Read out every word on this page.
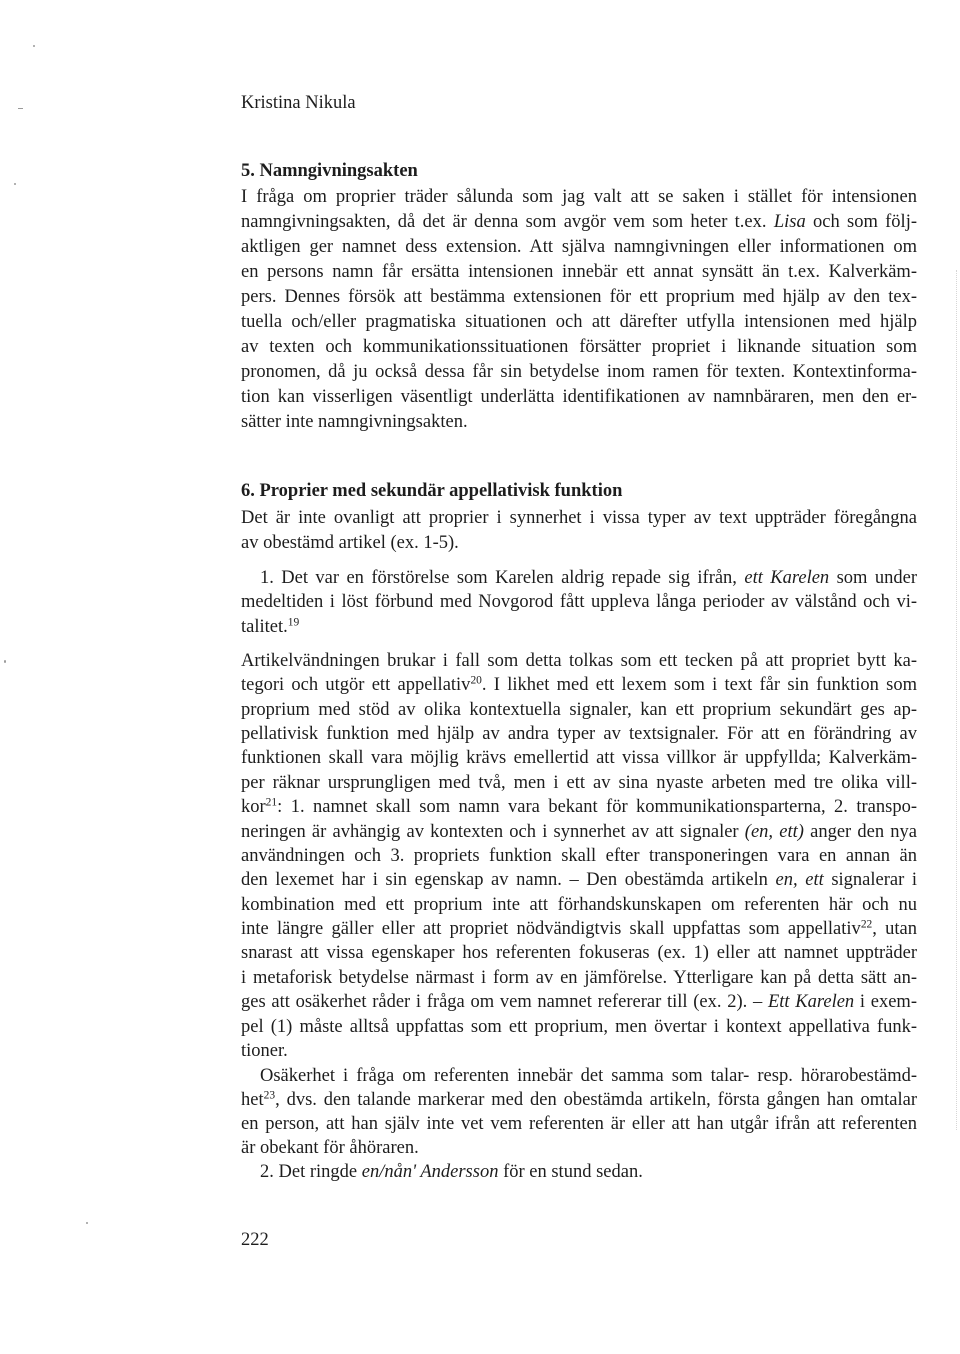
Kristina Nikula
5. Namngivningsakten
I fråga om proprier träder sålunda som jag valt att se saken i stället för intensionen
namngivningsakten, då det är denna som avgör vem som heter t.ex. Lisa och som följ-
aktligen ger namnet dess extension. Att själva namngivningen eller informationen om
en persons namn får ersätta intensionen innebär ett annat synsätt än t.ex. Kalverkäm-
pers. Dennes försök att bestämma extensionen för ett proprium med hjälp av den tex-
tuella och/eller pragmatiska situationen och att därefter utfylla intensionen med hjälp
av texten och kommunikationssituationen försätter propriet i liknande situation som
pronomen, då ju också dessa får sin betydelse inom ramen för texten. Kontextinforma-
tion kan visserligen väsentligt underlätta identifikationen av namnbäraren, men den er-
sätter inte namngivningsakten.
6. Proprier med sekundär appellativisk funktion
Det är inte ovanligt att proprier i synnerhet i vissa typer av text uppträder föregångna
av obestämd artikel (ex. 1-5).
1. Det var en förstörelse som Karelen aldrig repade sig ifrån, ett Karelen som under
medeltiden i löst förbund med Novgorod fått uppleva långa perioder av välstånd och vi-
talitet.$^{19}$
Artikelvändningen brukar i fall som detta tolkas som ett tecken på att propriet bytt ka-
tegori och utgör ett appellativ$^{20}$. I likhet med ett lexem som i text får sin funktion som
proprium med stöd av olika kontextuella signaler, kan ett proprium sekundärt ges ap-
pellativisk funktion med hjälp av andra typer av textsignaler. För att en förändring av
funktionen skall vara möjlig krävs emellertid att vissa villkor är uppfyllda; Kalverkäm-
per räknar ursprungligen med två, men i ett av sina nyaste arbeten med tre olika vill-
kor$^{21}$: 1. namnet skall som namn vara bekant för kommunikationsparterna, 2. transpo-
neringen är avhängig av kontexten och i synnerhet av att signaler (en, ett) anger den nya
användningen och 3. propriets funktion skall efter transponeringen vara en annan än
den lexemet har i sin egenskap av namn. – Den obestämda artikeln en, ett signalerar i
kombination med ett proprium inte att förhandskunskapen om referenten här och nu
inte längre gäller eller att propriet nödvändigtvis skall uppfattas som appellativ$^{22}$, utan
snarast att vissa egenskaper hos referenten fokuseras (ex. 1) eller att namnet uppträder
i metaforisk betydelse närmast i form av en jämförelse. Ytterligare kan på detta sätt an-
ges att osäkerhet råder i fråga om vem namnet refererar till (ex. 2). – Ett Karelen i exem-
pel (1) måste alltså uppfattas som ett proprium, men övertar i kontext appellativa funk-
tioner.
Osäkerhet i fråga om referenten innebär det samma som talar- resp. hörarobestämd-
het$^{23}$, dvs. den talande markerar med den obestämda artikeln, första gången han omtalar
en person, att han själv inte vet vem referenten är eller att han utgår ifrån att referenten
är obekant för åhöraren.
2. Det ringde en/nån' Andersson för en stund sedan.
222
